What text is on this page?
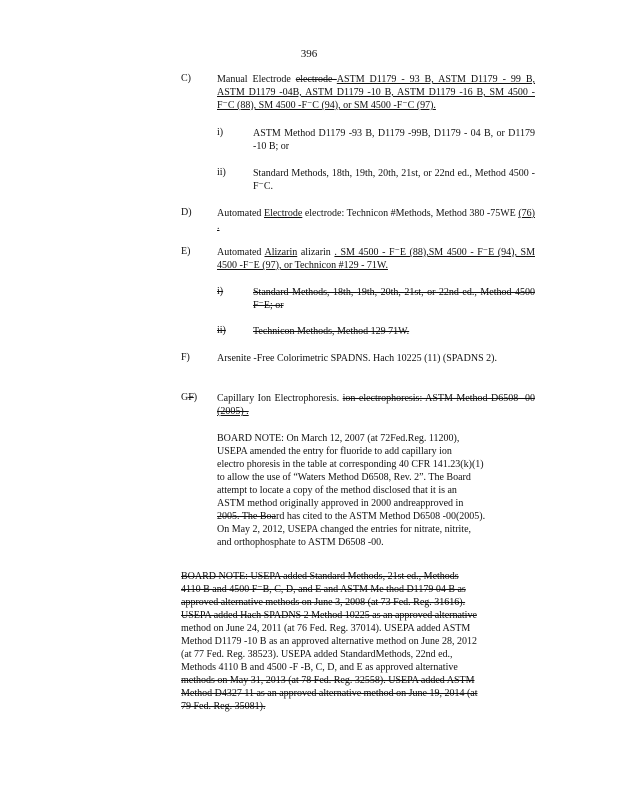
396
C)	Manual Electrode electrode ASTM D1179 - 93 B, ASTM D1179 - 99 B, ASTM D1179 -04B, ASTM D1179 -10 B, ASTM D1179 -16 B, SM 4500 -F⁻C (88), SM 4500 -F⁻C (94), or SM 4500 -F⁻C (97).
i)	ASTM Method D1179 -93 B, D1179 -99B, D1179 - 04 B, or D1179 -10 B; or
ii)	Standard Methods, 18th, 19th, 20th, 21st, or 22nd ed., Method 4500 -F⁻C.
D)	Automated Electrode electrode: Technicon #Methods, Method 380 -75WE (76) .
E)	Automated Alizarin alizarin . SM 4500 - F⁻E (88),SM 4500 - F⁻E (94), SM 4500 -F⁻E (97), or Technicon #129 - 71W.
i)	Standard Methods, 18th, 19th, 20th, 21st, or 22nd ed., Method 4500 F⁻E; or
ii)	Technicon Methods, Method 129 71W.
F)	Arsenite -Free Colorimetric SPADNS. Hach 10225 (11) (SPADNS 2).
GF)	Capillary Ion Electrophoresis. ion electrophoresis: ASTM Method D6508 -00 (2005) .
BOARD NOTE: On March 12, 2007 (at 72Fed.Reg. 11200),
USEPA amended the entry for fluoride to add capillary ion
electro phoresis in the table at corresponding 40 CFR 141.23(k)(1)
to allow the use of “Waters Method D6508, Rev. 2”. The Board
attempt to locate a copy of the method disclosed that it is an
ASTM method originally approved in 2000 andreapproved in
2005. The Board has cited to the ASTM Method D6508 -00(2005).
On May 2, 2012, USEPA changed the entries for nitrate, nitrite,
and orthophosphate to ASTM D6508 -00.
BOARD NOTE: USEPA added Standard Methods, 21st ed., Methods
4110 B and 4500 F⁻B, C, D, and E and ASTM Me thod D1179 04 B as
approved alternative methods on June 3, 2008 (at 73 Fed. Reg. 31616).
USEPA added Hach SPADNS 2 Method 10225 as an approved alternative
method on June 24, 2011 (at 76 Fed. Reg. 37014). USEPA added ASTM
Method D1179 -10 B as an approved alternative method on June 28, 2012
(at 77 Fed. Reg. 38523). USEPA added StandardMethods, 22nd ed.,
Methods 4110 B and 4500 -F -B, C, D, and E as approved alternative
methods on May 31, 2013 (at 78 Fed. Reg. 32558). USEPA added ASTM
Method D4327 11 as an approved alternative method on June 19, 2014 (at
79 Fed. Reg. 35081).
